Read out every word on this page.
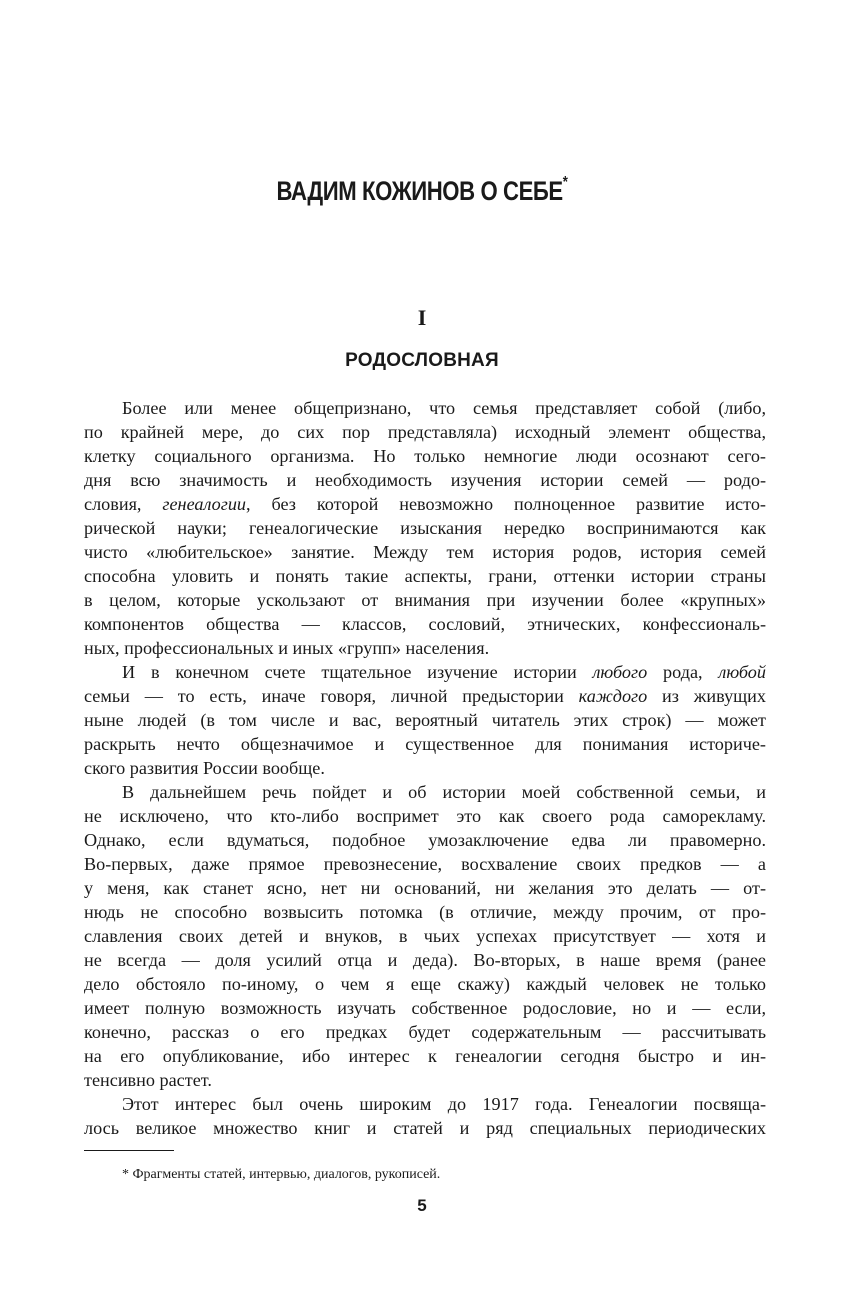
ВАДИМ КОЖИНОВ О СЕБЕ*
I
РОДОСЛОВНАЯ
Более или менее общепризнано, что семья представляет собой (либо,
по крайней мере, до сих пор представляла) исходный элемент общества,
клетку социального организма. Но только немногие люди осознают сего-
дня всю значимость и необходимость изучения истории семей — родо-
словия, генеалогии, без которой невозможно полноценное развитие исто-
рической науки; генеалогические изыскания нередко воспринимаются как
чисто «любительское» занятие. Между тем история родов, история семей
способна уловить и понять такие аспекты, грани, оттенки истории страны
в целом, которые ускользают от внимания при изучении более «крупных»
компонентов общества — классов, сословий, этнических, конфессиональ-
ных, профессиональных и иных «групп» населения.
И в конечном счете тщательное изучение истории любого рода, любой
семьи — то есть, иначе говоря, личной предыстории каждого из живущих
ныне людей (в том числе и вас, вероятный читатель этих строк) — может
раскрыть нечто общезначимое и существенное для понимания историче-
ского развития России вообще.
В дальнейшем речь пойдет и об истории моей собственной семьи, и
не исключено, что кто-либо воспримет это как своего рода саморекламу.
Однако, если вдуматься, подобное умозаключение едва ли правомерно.
Во-первых, даже прямое превознесение, восхваление своих предков — а
у меня, как станет ясно, нет ни оснований, ни желания это делать — от-
нюдь не способно возвысить потомка (в отличие, между прочим, от про-
славления своих детей и внуков, в чьих успехах присутствует — хотя и
не всегда — доля усилий отца и деда). Во-вторых, в наше время (ранее
дело обстояло по-иному, о чем я еще скажу) каждый человек не только
имеет полную возможность изучать собственное родословие, но и — если,
конечно, рассказ о его предках будет содержательным — рассчитывать
на его опубликование, ибо интерес к генеалогии сегодня быстро и ин-
тенсивно растет.
Этот интерес был очень широким до 1917 года. Генеалогии посвяща-
лось великое множество книг и статей и ряд специальных периодических
* Фрагменты статей, интервью, диалогов, рукописей.
5
